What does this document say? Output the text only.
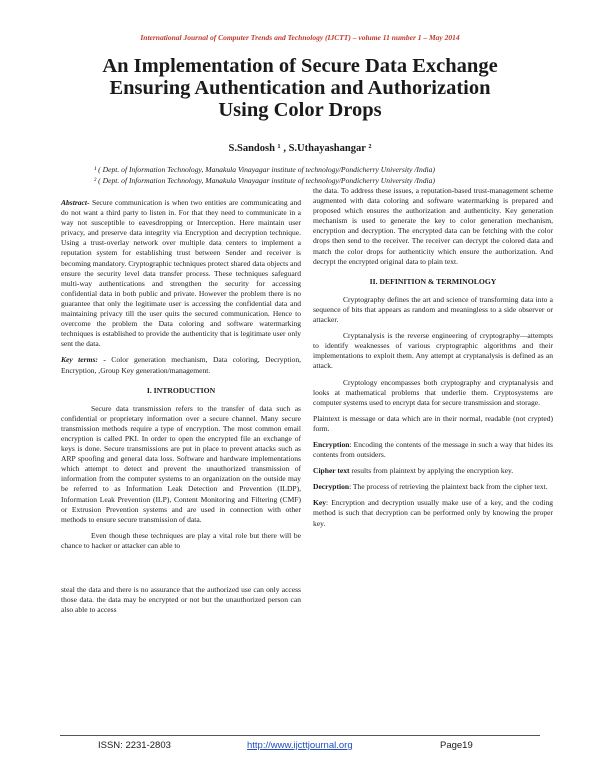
International Journal of Computer Trends and Technology (IJCTT) – volume 11 number 1 – May 2014
An Implementation of Secure Data Exchange
Ensuring Authentication and Authorization
Using Color Drops
S.Sandosh ¹ , S.Uthayashangar ²
¹ ( Dept. of Information Technology, Manakula Vinayagar institute of technology/Pondicherry University /India)
² ( Dept. of Information Technology, Manakula Vinayagar institute of technology/Pondicherry University /India)

Abstract- Secure communication is when two entities are communicating and do not want a third party to listen in. For that they need to communicate in a way not susceptible to eavesdropping or Interception. Here maintain user privacy, and preserve data integrity via Encryption and decryption technique. Using a trust-overlay network over multiple data centers to implement a reputation system for establishing trust between Sender and receiver is becoming mandatory. Cryptographic techniques protect shared data objects and ensure the security level data transfer process. These techniques safeguard multi-way authentications and strengthen the security for accessing confidential data in both public and private. However the problem there is no guarantee that only the legitimate user is accessing the confidential data and maintaining privacy till the user quits the secured communication. Hence to overcome the problem the Data coloring and software watermarking techniques is established to provide the authenticity that is legitimate user only sent the data.

Key terms: - Color generation mechanism, Data coloring, Decryption, Encryption, ,Group Key generation/management.

I. INTRODUCTION

Secure data transmission refers to the transfer of data such as confidential or proprietary information over a secure channel. Many secure transmission methods require a type of encryption. The most common email encryption is called PKI. In order to open the encrypted file an exchange of keys is done. Secure transmissions are put in place to prevent attacks such as ARP spoofing and general data loss. Software and hardware implementations which attempt to detect and prevent the unauthorized transmission of information from the computer systems to an organization on the outside may be referred to as Information Leak Detection and Prevention (ILDP), Information Leak Prevention (ILP), Content Monitoring and Filtering (CMF) or Extrusion Prevention systems and are used in connection with other methods to ensure secure transmission of data.

Even though these techniques are play a vital role but there will be chance to hacker or attacker can able to

steal the data and there is no assurance that the authorized use can only access those data. the data may be encrypted or not but the unauthorized person can also able to access

the data. To address these issues, a reputation-based trust-management scheme augmented with data coloring and software watermarking is prepared and proposed which ensures the authorization and authenticity. Key generation mechanism is used to generate the key to color generation mechanism, encryption and decryption. The encrypted data can be fetching with the color drops then send to the receiver. The receiver can decrypt the colored data and match the color drops for authenticity which ensure the authorization. And decrypt the encrypted original data to plain text.

II. DEFINITION & TERMINOLOGY

Cryptography defines the art and science of transforming data into a sequence of bits that appears as random and meaningless to a side observer or attacker.

Cryptanalysis is the reverse engineering of cryptography—attempts to identify weaknesses of various cryptographic algorithms and their implementations to exploit them. Any attempt at cryptanalysis is defined as an attack.

Cryptology encompasses both cryptography and cryptanalysis and looks at mathematical problems that underlie them. Cryptosystems are computer systems used to encrypt data for secure transmission and storage.

Plaintext is message or data which are in their normal, readable (not crypted) form.

Encryption: Encoding the contents of the message in such a way that hides its contents from outsiders.

Cipher text results from plaintext by applying the encryption key.

Decryption: The process of retrieving the plaintext back from the cipher text.

Key: Encryption and decryption usually make use of a key, and the coding method is such that decryption can be performed only by knowing the proper key.

ISSN: 2231-2803	http://www.ijcttjournal.org	Page19
